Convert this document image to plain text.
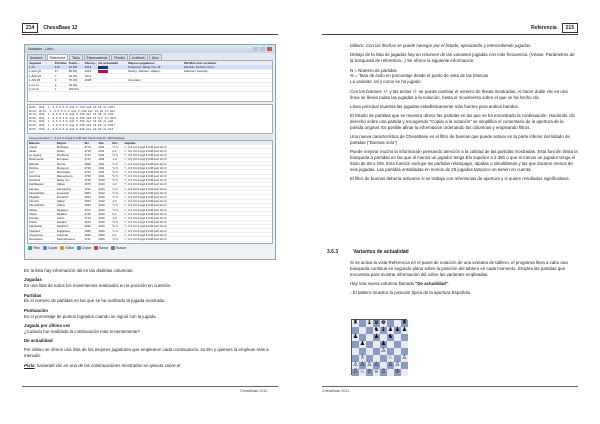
214	ChessBase 12
Notación - Libro
Notación	Referencia	Tabla	Entrenamiento	Planilla	LiveBook	Libro
Jugadas	Partidas Punto...	Ofensy... De actualidad	Mejores jugadores	Partidas más recientes
1.d4	470	62.9%	2412	Kasparov, Wang Yue, M...	Haroldo, Deckov, Rust...
1.Ae6 g6	47	56.6%	2413	Rustry, Vainieur, Vallejo...	Kabanov, Kamsky...
1.Ae6 e5	7	64.3%	2371
1.Af3 b5	3	75.0%	2038	Zvezdaru
1.e4 c4	2	25.0%
1.e4 c6	1	100.0%
W=61, W=W, 1..5-0 0.0-0 Ag4 0.3d6 Ae6 10.b8 11.Od5?
W=24, W=74, 1..5-0 0.0-0 Ag4 0.3d6 Ae7 10.b8 11.De2
W=14, W=W, 1..5-0 0.0-0 Ag4 0.3d6 Ae7 10.b8 11.Od4
W=41, W=9, 1..5-0 0.0-0 Ag4 0.3d6 Ae6 10.O-O 11.Od5?
W=14, W=W, 1..5-0 0.0-0 Ag4 0.3d6 Ae7 10.b8 11.Ae6
W=22, W=W, 1..5-0 0.0-0 Ag4 0.3d6 Ae6 10.b8 11.Od5?
W=65, W=W, 1..5-0 0.0-0 Ag4 0.3d6 Ae7 10.b8 11.Df3
Línea principal: 7...0-0 0.0-0 Ag4 9.Cd5 Ae6 10.c3 Ce5 11. (98 Partidas)
Blancas	Negras	Elo	Año	Res	Jugadas
Anand	McShane	2779	2011	½-½	7...0-0 0.0-0 Ag4 9.Cd5 Ae6 10.c3
Akala	Zubko	2718	2011	0-1	7...0-0 0.0-0 Ag4 9.Cd5 Ae6 10.c3
Le Quang	Khalifman	2714	2011	½-½	7...0-0 0.0-0 Ag4 9.Cd5 Ae6 10.c3
Motornenko	Ermolaev	2741	2011	1-0	7...0-0 0.0-0 Ag4 9.Cd5 Ae6 10.c3
Mikrotik	Sturua	2696	2011	½-½	7...0-0 0.0-0 Ag4 9.Cd5 Ae6 10.c3
Rozinte	Mozgovoi	2716	2011	½-½	7...0-0 0.0-0 Ag4 9.Cd5 Ae6 10.c3
Loh	Movsesian	2744	2011	½-½	7...0-0 0.0-0 Ag4 9.Cd5 Ae6 10.c3
Ivanchuk	Mamedyarov	2765	2011	½-½	7...0-0 0.0-0 Ag4 9.Cd5 Ae6 10.c3
Ivanchuk	Wang Yue	2748	2010	½-½	7...0-0 0.0-0 Ag4 9.Cd5 Ae6 10.c3
Karthikeyan	Vallejo	2679	2010	1-0	7...0-0 0.0-0 Ag4 9.Cd5 Ae6 10.c3
Kamsky	Cheparinov	2722	2010	½-½	7...0-0 0.0-0 Ag4 9.Cd5 Ae6 10.c3
Alexandridis	Kosteniuk	2662	2010	½-½	7...0-0 0.0-0 Ag4 9.Cd5 Ae6 10.c3
Zhigalko	Romanov	2624	2010	½-½	7...0-0 0.0-0 Ag4 9.Cd5 Ae6 10.c3
Kamsky	Vallejo	2694	2010	1-0	7...0-0 0.0-0 Ag4 9.Cd5 Ae6 10.c3
Alexandridis	Volkov	2629	2010	½-½	7...0-0 0.0-0 Ag4 9.Cd5 Ae6 10.c3
Vallejo	Alekseev	2701	2010	½-½	7...0-0 0.0-0 Ag4 9.Cd5 Ae6 10.c3
Shirov	Karjakin	2749	2010	0-1	7...0-0 0.0-0 Ag4 9.Cd5 Ae6 10.c3
Kamsky	Lastin	2716	2010	1-0	7...0-0 0.0-0 Ag4 9.Cd5 Ae6 10.c3
Drazic	Karjakin	2644	2010	½-½	7...0-0 0.0-0 Ag4 9.Cd5 Ae6 10.c3
Sargissian	Naiditsch	2690	2010	½-½	7...0-0 0.0-0 Ag4 9.Cd5 Ae6 10.c3
Tkachiev	Zvjaginsev	2650	2009	½-½	7...0-0 0.0-0 Ag4 9.Cd5 Ae6 10.c3
Cheparinov	Grischuk	2690	2009	0-1	7...0-0 0.0-0 Ag4 9.Cd5 Ae6 10.c3
Movsesian	Kasimdzhanov	2711	2009	½-½	7...0-0 0.0-0 Ag4 9.Cd5 Ae6 10.c3
Filtro	Copiar	Editar	Copiar	Borrar	Buscar

En la lista hay información útil en las distintas columnas:

Jugadas

Es una lista de todos los movimientos realizados en la posición en cuestión.

Partidas

Es el número de partidas en las que se ha realizado la jugada mostrada.

Puntuación

Es el porcentaje de puntos logrados cuando se siguió con la jugada.

Jugada por última vez

¿Cuándo fue realizada la continuación más recientemente?

De actualidad

Por último se ofrece una lista de los mejores jugadores que emplearon cada continuación, su Elo y quienes la emplean más a menudo.

Pista: haciendo clic en una de las continuaciones mostradas se ejecuta sobre el

ChessBase 2012
Referencia	215
ChessBase 2012

tablero. Con las flechas se puede navegar por el listado, ejecutando y retrocediendo jugadas.

Debajo de la lista de jugadas hay un resumen de las variantes jugadas con más frecuencia. (Véase: Parámetros de la búsqueda de referencia...) Se ofrece la siguiente información:

N = Número de partidas

% = Tasa de éxito en porcentaje desde el punto de vista de las blancas

La variante, tal y como se ha jugado

Con los botones +/- y las teclas +/- se puede cambiar el número de líneas mostradas. Al hacer doble clic en una línea se llevan todas las jugadas a la notación, hasta el movimiento sobre el que se ha hecho clic.

Línea principal muestra las jugadas estadísticamente más fuertes para ambos bandos.

El listado de partidas que se muestra ofrece las partidas en las que se ha encontrado la continuación. Haciendo clic derecho sobre una partida y escogiendo "Copiar a la notación" se simplifica el comentario de la apertura de la partida original. Es posible afinar la información ordenando las columnas y empleando filtros.

Una nueva característica de ChessBase es el filtro de buenas que puede activar en la parte inferior del listado de partidas ("Buenas solo")

Puede mejorar mucho la información pensando atención a la calidad de las partidas mostradas. Esta función limita la búsqueda a partidas en las que al menos un jugador tenga Elo superior a 2.350 o que al menos un jugador tenga el título de IM o GM. Esta función excluye las partidas relámpago, rápidas o simultáneas y las que duraron menos de seis jugadas. Las partidas entabladas en menos de 20 jugadas tampoco se tienen en cuenta.

El filtro de buenas debería activarse si se trabaja con referencias de apertura y si quiere resultados significativos.

3.6.3	Variantes de actualidad

Si se activa la vista Referencia en el panel de notación de una ventana de tablero, el programa lleva a cabo una búsqueda continua en segundo plano sobre la posición del tablero en cada momento. Emplea las partidas que encuentra para mostrar información útil sobre las variantes empleadas.

Hay una nueva columna llamada "De actualidad".

▫ El tablero muestra la posición típica de la apertura Española.

♜ ♝ ♛ ♚	♜
♞ ♝ ♟ ♟ ♟
♟	♟ ♞
♟	♟
♙
♗	♘ ♙
♙ ♙ ♙ ♙ ♙ ♙
♖ ♘ ♗ ♕ ♖ ♔
